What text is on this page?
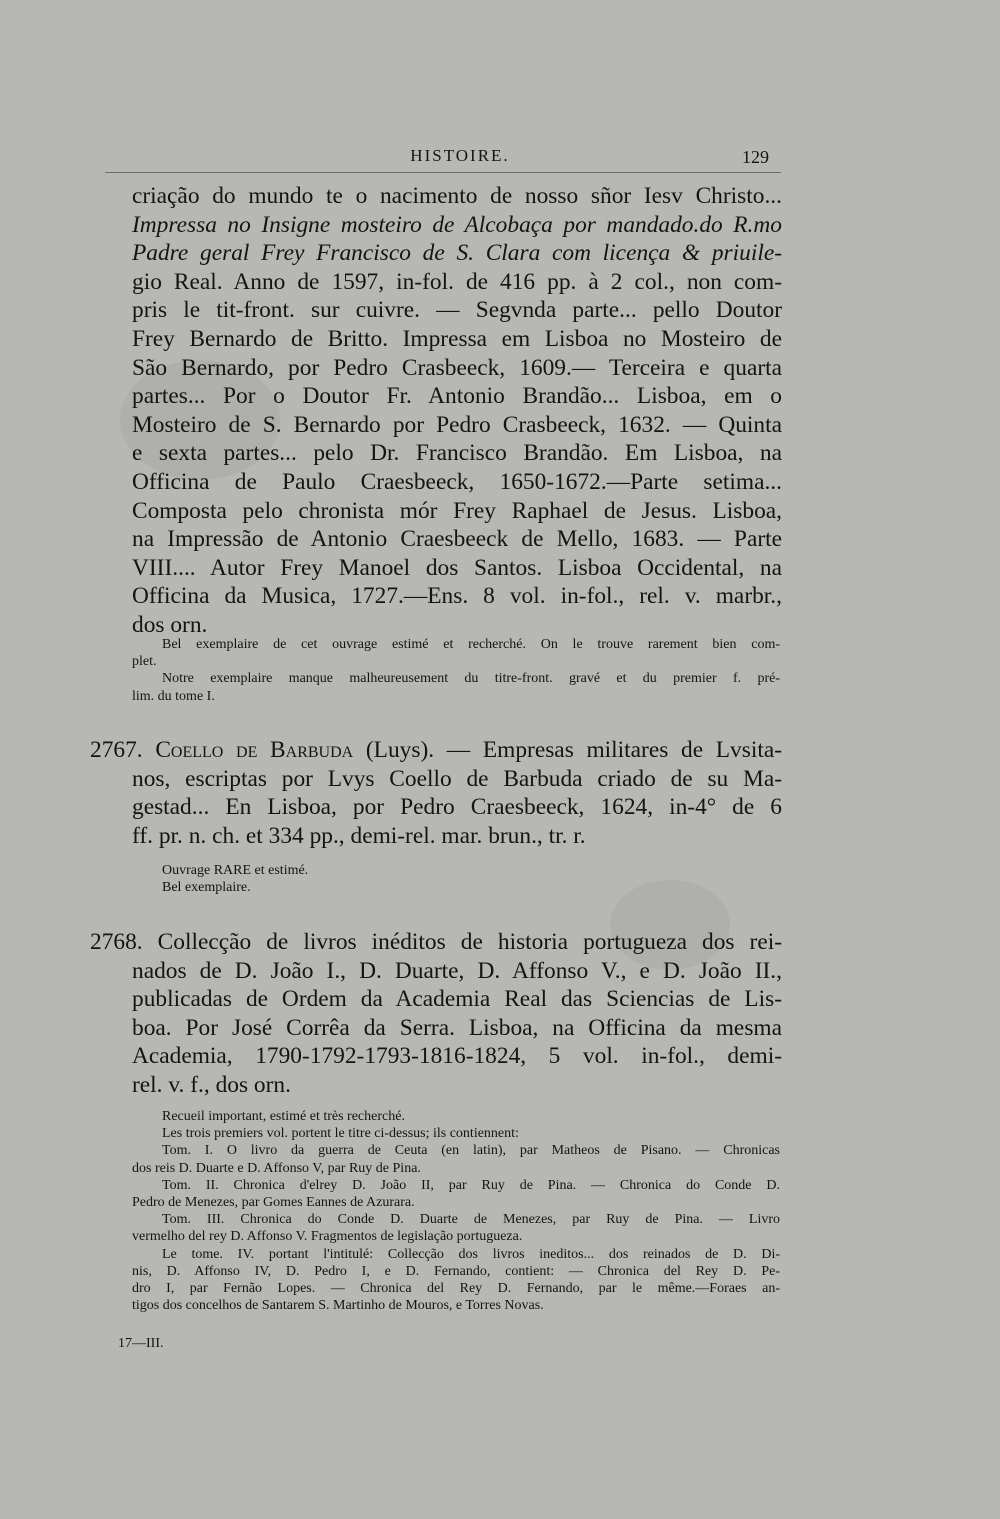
HISTOIRE.	129
criação do mundo te o nacimento de nosso sñor Iesv Christo...
Impressa no Insigne mosteiro de Alcobaça por mandado.do R.mo
Padre geral Frey Francisco de S. Clara com licença & priuile-
gio Real. Anno de 1597, in-fol. de 416 pp. à 2 col., non com-
pris le tit-front. sur cuivre. — Segvnda parte... pello Doutor
Frey Bernardo de Britto. Impressa em Lisboa no Mosteiro de
São Bernardo, por Pedro Crasbeeck, 1609.— Terceira e quarta
partes... Por o Doutor Fr. Antonio Brandão... Lisboa, em o
Mosteiro de S. Bernardo por Pedro Crasbeeck, 1632. — Quinta
e sexta partes... pelo Dr. Francisco Brandão. Em Lisboa, na
Officina de Paulo Craesbeeck, 1650-1672.—Parte setima...
Composta pelo chronista mór Frey Raphael de Jesus. Lisboa,
na Impressão de Antonio Craesbeeck de Mello, 1683. — Parte
VIII.... Autor Frey Manoel dos Santos. Lisboa Occidental, na
Officina da Musica, 1727.—Ens. 8 vol. in-fol., rel. v. marbr.,
dos orn.
Bel exemplaire de cet ouvrage estimé et recherché. On le trouve rarement bien com-
plet.
Notre exemplaire manque malheureusement du titre-front. gravé et du premier f. pré-
lim. du tome I.
2767. Coello de Barbuda (Luys). — Empresas militares de Lvsita-
nos, escriptas por Lvys Coello de Barbuda criado de su Ma-
gestad... En Lisboa, por Pedro Craesbeeck, 1624, in-4° de 6
ff. pr. n. ch. et 334 pp., demi-rel. mar. brun., tr. r.
Ouvrage RARE et estimé.
Bel exemplaire.
2768. Collecção de livros inéditos de historia portugueza dos rei-
nados de D. João I., D. Duarte, D. Affonso V., e D. João II.,
publicadas de Ordem da Academia Real das Sciencias de Lis-
boa. Por José Corrêa da Serra. Lisboa, na Officina da mesma
Academia, 1790-1792-1793-1816-1824, 5 vol. in-fol., demi-
rel. v. f., dos orn.
Recueil important, estimé et très recherché.
Les trois premiers vol. portent le titre ci-dessus; ils contiennent:
Tom. I. O livro da guerra de Ceuta (en latin), par Matheos de Pisano. — Chronicas
dos reis D. Duarte e D. Affonso V, par Ruy de Pina.
Tom. II. Chronica d'elrey D. João II, par Ruy de Pina. — Chronica do Conde D.
Pedro de Menezes, par Gomes Eannes de Azurara.
Tom. III. Chronica do Conde D. Duarte de Menezes, par Ruy de Pina. — Livro
vermelho del rey D. Affonso V. Fragmentos de legislação portugueza.
Le tome. IV. portant l'intitulé: Collecção dos livros ineditos... dos reinados de D. Di-
nis, D. Affonso IV, D. Pedro I, e D. Fernando, contient: — Chronica del Rey D. Pe-
dro I, par Fernão Lopes. — Chronica del Rey D. Fernando, par le même.—Foraes an-
tigos dos concelhos de Santarem S. Martinho de Mouros, e Torres Novas.
17—III.
